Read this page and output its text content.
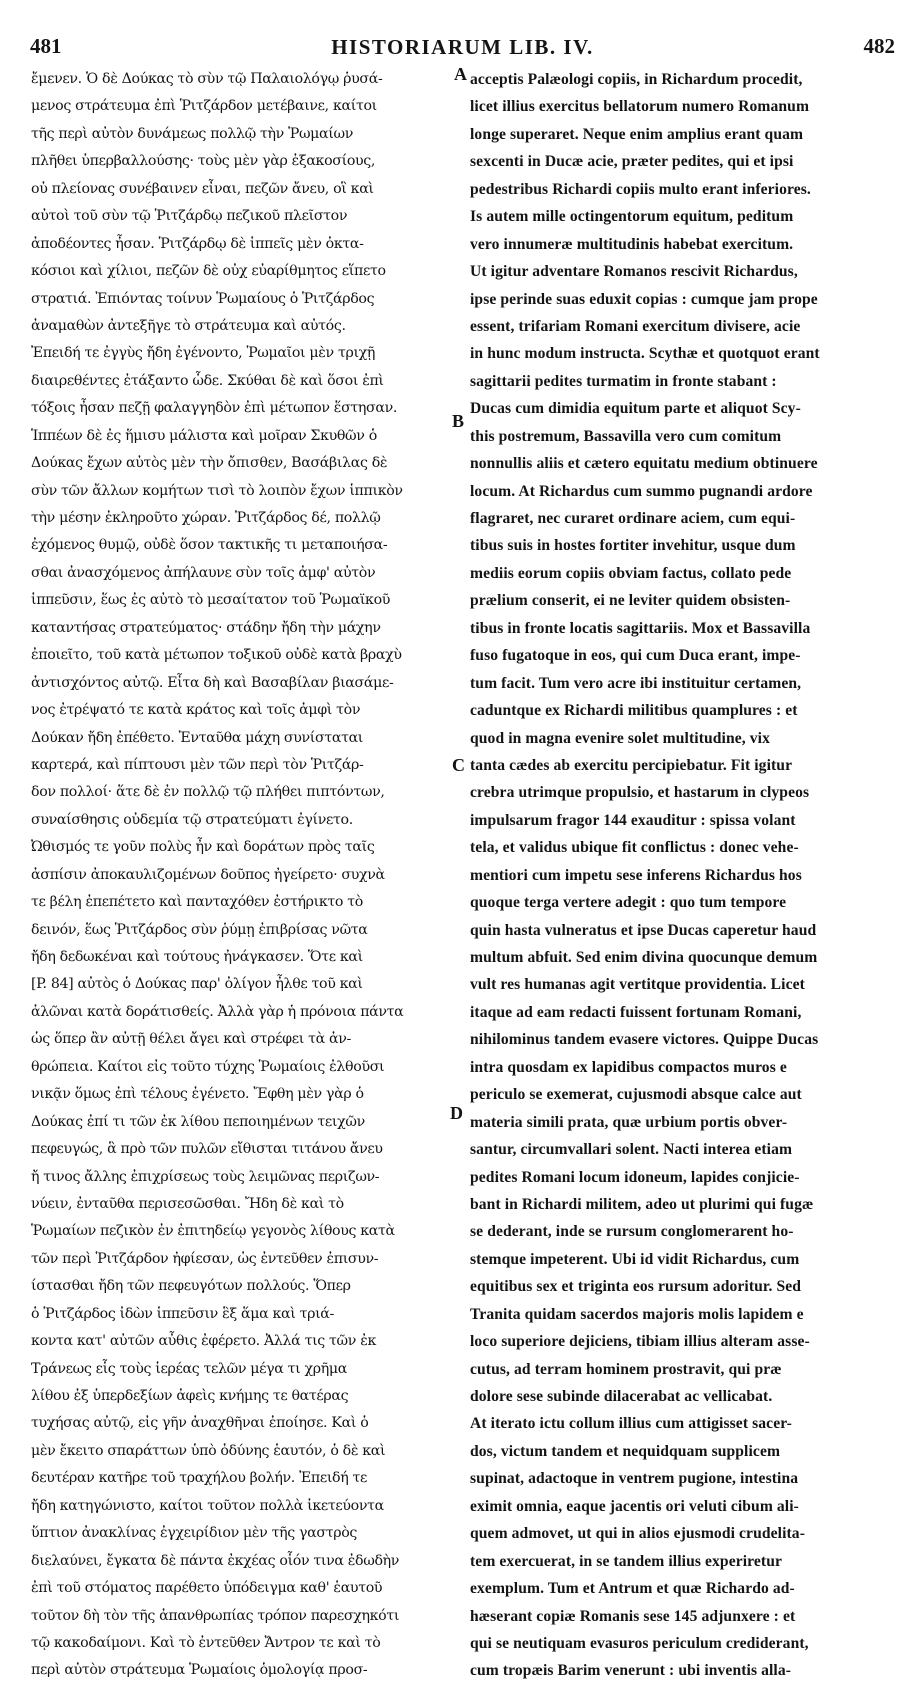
481	HISTORIARUM LIB. IV.	482
ἔμενεν. Ὁ δὲ Δούκας τὸ σὺν τῷ Παλαιολόγῳ ῥυσά-
μενος στράτευμα ἐπὶ Ῥιτζάρδον μετέβαινε, καίτοι
τῆς περὶ αὐτὸν δυνάμεως πολλῷ τὴν Ῥωμαίων
πλῆθει ὑπερβαλλούσης· τοὺς μὲν γὰρ ἑξακοσίους,
οὐ πλείονας συνέβαινεν εἶναι, πεζῶν ἄνευ, οἳ καὶ
αὐτοὶ τοῦ σὺν τῷ Ῥιτζάρδῳ πεζικοῦ πλεῖστον
ἀποδέοντες ἦσαν. Ῥιτζάρδῳ δὲ ἱππεῖς μὲν ὀκτα-
κόσιοι καὶ χίλιοι, πεζῶν δὲ οὐχ εὐαρίθμητος εἵπετο
στρατιά. Ἐπιόντας τοίνυν Ῥωμαίους ὁ Ῥιτζάρδος
ἀναμαθὼν ἀντεξῆγε τὸ στράτευμα καὶ αὐτός.
Ἐπειδή τε ἐγγὺς ἤδη ἐγένοντο, Ῥωμαῖοι μὲν τριχῇ
διαιρεθέντες ἐτάξαντο ὧδε. Σκύθαι δὲ καὶ ὅσοι ἐπὶ
τόξοις ἦσαν πεζῇ φαλαγγηδὸν ἐπὶ μέτωπον ἕστησαν.
Ἱππέων δὲ ἐς ἥμισυ μάλιστα καὶ μοῖραν Σκυθῶν ὁ
Δούκας ἔχων αὐτὸς μὲν τὴν ὄπισθεν, Βασάβιλας δὲ
σὺν τῶν ἄλλων κομήτων τισὶ τὸ λοιπὸν ἔχων ἱππικὸν
τὴν μέσην ἐκληροῦτο χώραν. Ῥιτζάρδος δέ, πολλῷ
ἐχόμενος θυμῷ, οὐδὲ ὅσον τακτικῆς τι μεταποιήσα-
σθαι ἀνασχόμενος ἀπήλαυνε σὺν τοῖς ἀμφ' αὐτὸν
ἱππεῦσιν, ἕως ἐς αὐτὸ τὸ μεσαίτατον τοῦ Ῥωμαϊκοῦ
καταντήσας στρατεύματος· στάδην ἤδη τὴν μάχην
ἐποιεῖτο, τοῦ κατὰ μέτωπον τοξικοῦ οὐδὲ κατὰ βραχὺ
ἀντισχόντος αὐτῷ. Εἶτα δὴ καὶ Βασαβίλαν βιασάμε-
νος ἐτρέψατό τε κατὰ κράτος καὶ τοῖς ἀμφὶ τὸν
Δούκαν ἤδη ἐπέθετο. Ἐνταῦθα μάχη συνίσταται
καρτερά, καὶ πίπτουσι μὲν τῶν περὶ τὸν Ῥιτζάρ-
δον πολλοί· ἅτε δὲ ἐν πολλῷ τῷ πλήθει πιπτόντων,
συναίσθησις οὐδεμία τῷ στρατεύματι ἐγίνετο.
Ὠθισμός τε γοῦν πολὺς ἦν καὶ δοράτων πρὸς ταῖς
ἀσπίσιν ἀποκαυλιζομένων δοῦπος ἠγείρετο· συχνὰ
τε βέλη ἐπεπέτετο καὶ πανταχόθεν ἐστήρικτο τὸ
δεινόν, ἕως Ῥιτζάρδος σὺν ῥύμῃ ἐπιβρίσας νῶτα
ἤδη δεδωκέναι καὶ τούτους ἠνάγκασεν. Ὅτε καὶ
[P. 84] αὐτὸς ὁ Δούκας παρ' ὀλίγον ἦλθε τοῦ καὶ
ἁλῶναι κατὰ δοράτισθείς. Ἀλλὰ γὰρ ἡ πρόνοια πάντα
ὡς ὅπερ ἂν αὐτῇ θέλει ἄγει καὶ στρέφει τὰ ἀν-
θρώπεια. Καίτοι εἰς τοῦτο τύχης Ῥωμαίοις ἐλθοῦσι
νικᾷν ὅμως ἐπὶ τέλους ἐγένετο. Ἔφθη μὲν γὰρ ὁ
Δούκας ἐπί τι τῶν ἐκ λίθου πεποιημένων τειχῶν
πεφευγώς, ἃ πρὸ τῶν πυλῶν εἴθισται τιτάνου ἄνευ
ἤ τινος ἄλλης ἐπιχρίσεως τοὺς λειμῶνας περιζων-
νύειν, ἐνταῦθα περισεσῶσθαι. Ἤδη δὲ καὶ τὸ
Ῥωμαίων πεζικὸν ἐν ἐπιτηδείῳ γεγονὸς λίθους κατὰ
τῶν περὶ Ῥιτζάρδον ἠφίεσαν, ὡς ἐντεῦθεν ἐπισυν-
ίστασθαι ἤδη τῶν πεφευγότων πολλούς. Ὅπερ
ὁ Ῥιτζάρδος ἰδὼν ἱππεῦσιν ἓξ ἅμα καὶ τριά-
κοντα κατ' αὐτῶν αὖθις ἐφέρετο. Ἀλλά τις τῶν ἐκ
Τράνεως εἷς τοὺς ἱερέας τελῶν μέγα τι χρῆμα
λίθου ἐξ ὑπερδεξίων ἀφεὶς κνήμης τε θατέρας
τυχήσας αὐτῷ, εἰς γῆν ἀναχθῆναι ἐποίησε. Καὶ ὁ
μὲν ἔκειτο σπαράττων ὑπὸ ὀδύνης ἑαυτόν, ὁ δὲ καὶ
δευτέραν κατῆρε τοῦ τραχήλου βολήν. Ἐπειδή τε
ἤδη κατηγώνιστο, καίτοι τοῦτον πολλὰ ἱκετεύοντα
ὕπτιον ἀνακλίνας ἐγχειρίδιον μὲν τῆς γαστρὸς
διελαύνει, ἔγκατα δὲ πάντα ἐκχέας οἷόν τινα ἐδωδὴν
ἐπὶ τοῦ στόματος παρέθετο ὑπόδειγμα καθ' ἑαυτοῦ
τοῦτον δὴ τὸν τῆς ἀπανθρωπίας τρόπον παρεσχηκότι
τῷ κακοδαίμονι. Καὶ τὸ ἐντεῦθεν Ἄντρον τε καὶ τὸ
περὶ αὐτὸν στράτευμα Ῥωμαίοις ὁμολογίᾳ προσ-
acceptis Palæologi copiis, in Richardum procedit,
licet illius exercitus bellatorum numero Romanum
longe superaret. Neque enim amplius erant quam
sexcenti in Ducæ acie, præter pedites, qui et ipsi
pedestribus Richardi copiis multo erant inferiores.
Is autem mille octingentorum equitum, peditum
vero innumeræ multitudinis habebat exercitum.
Ut igitur adventare Romanos rescivit Richardus,
ipse perinde suas eduxit copias : cumque jam prope
essent, trifariam Romani exercitum divisere, acie
in hunc modum instructa. Scythæ et quotquot erant
sagittarii pedites turmatim in fronte stabant :
Ducas cum dimidia equitum parte et aliquot Scy-
this postremum, Bassavilla vero cum comitum
nonnullis aliis et cætero equitatu medium obtinuere
locum. At Richardus cum summo pugnandi ardore
flagraret, nec curaret ordinare aciem, cum equi-
tibus suis in hostes fortiter invehitur, usque dum
mediis eorum copiis obviam factus, collato pede
prælium conserit, ei ne leviter quidem obsisten-
tibus in fronte locatis sagittariis. Mox et Bassavilla
fuso fugatoque in eos, qui cum Duca erant, impe-
tum facit. Tum vero acre ibi instituitur certamen,
caduntque ex Richardi militibus quamplures : et
quod in magna evenire solet multitudine, vix
tanta cædes ab exercitu percipiebatur. Fit igitur
crebra utrimque propulsio, et hastarum in clypeos
impulsarum fragor 144 exauditur : spissa volant
tela, et validus ubique fit conflictus : donec vehe-
mentiori cum impetu sese inferens Richardus hos
quoque terga vertere adegit : quo tum tempore
quin hasta vulneratus et ipse Ducas caperetur haud
multum abfuit. Sed enim divina quocunque demum
vult res humanas agit vertitque providentia. Licet
itaque ad eam redacti fuissent fortunam Romani,
nihilominus tandem evasere victores. Quippe Ducas
intra quosdam ex lapidibus compactos muros e
periculo se exemerat, cujusmodi absque calce aut
materia simili prata, quæ urbium portis obver-
santur, circumvallari solent. Nacti interea etiam
pedites Romani locum idoneum, lapides conjicie-
bant in Richardi militem, adeo ut plurimi qui fugæ
se dederant, inde se rursum conglomerarent ho-
stemque impeterent. Ubi id vidit Richardus, cum
equitibus sex et triginta eos rursum adoritur. Sed
Tranita quidam sacerdos majoris molis lapidem e
loco superiore dejiciens, tibiam illius alteram asse-
cutus, ad terram hominem prostravit, qui præ
dolore sese subinde dilacerabat ac vellicabat.
At iterato ictu collum illius cum attigisset sacer-
dos, victum tandem et nequidquam supplicem
supinat, adactoque in ventrem pugione, intestina
eximit omnia, eaque jacentis ori veluti cibum ali-
quem admovet, ut qui in alios ejusmodi crudelita-
tem exercuerat, in se tandem illius experiretur
exemplum. Tum et Antrum et quæ Richardo ad-
hæserant copiæ Romanis sese 145 adjunxere : et
qui se neutiquam evasuros periculum crediderant,
cum tropæis Barim venerunt : ubi inventis alla-
A
B
C
D
